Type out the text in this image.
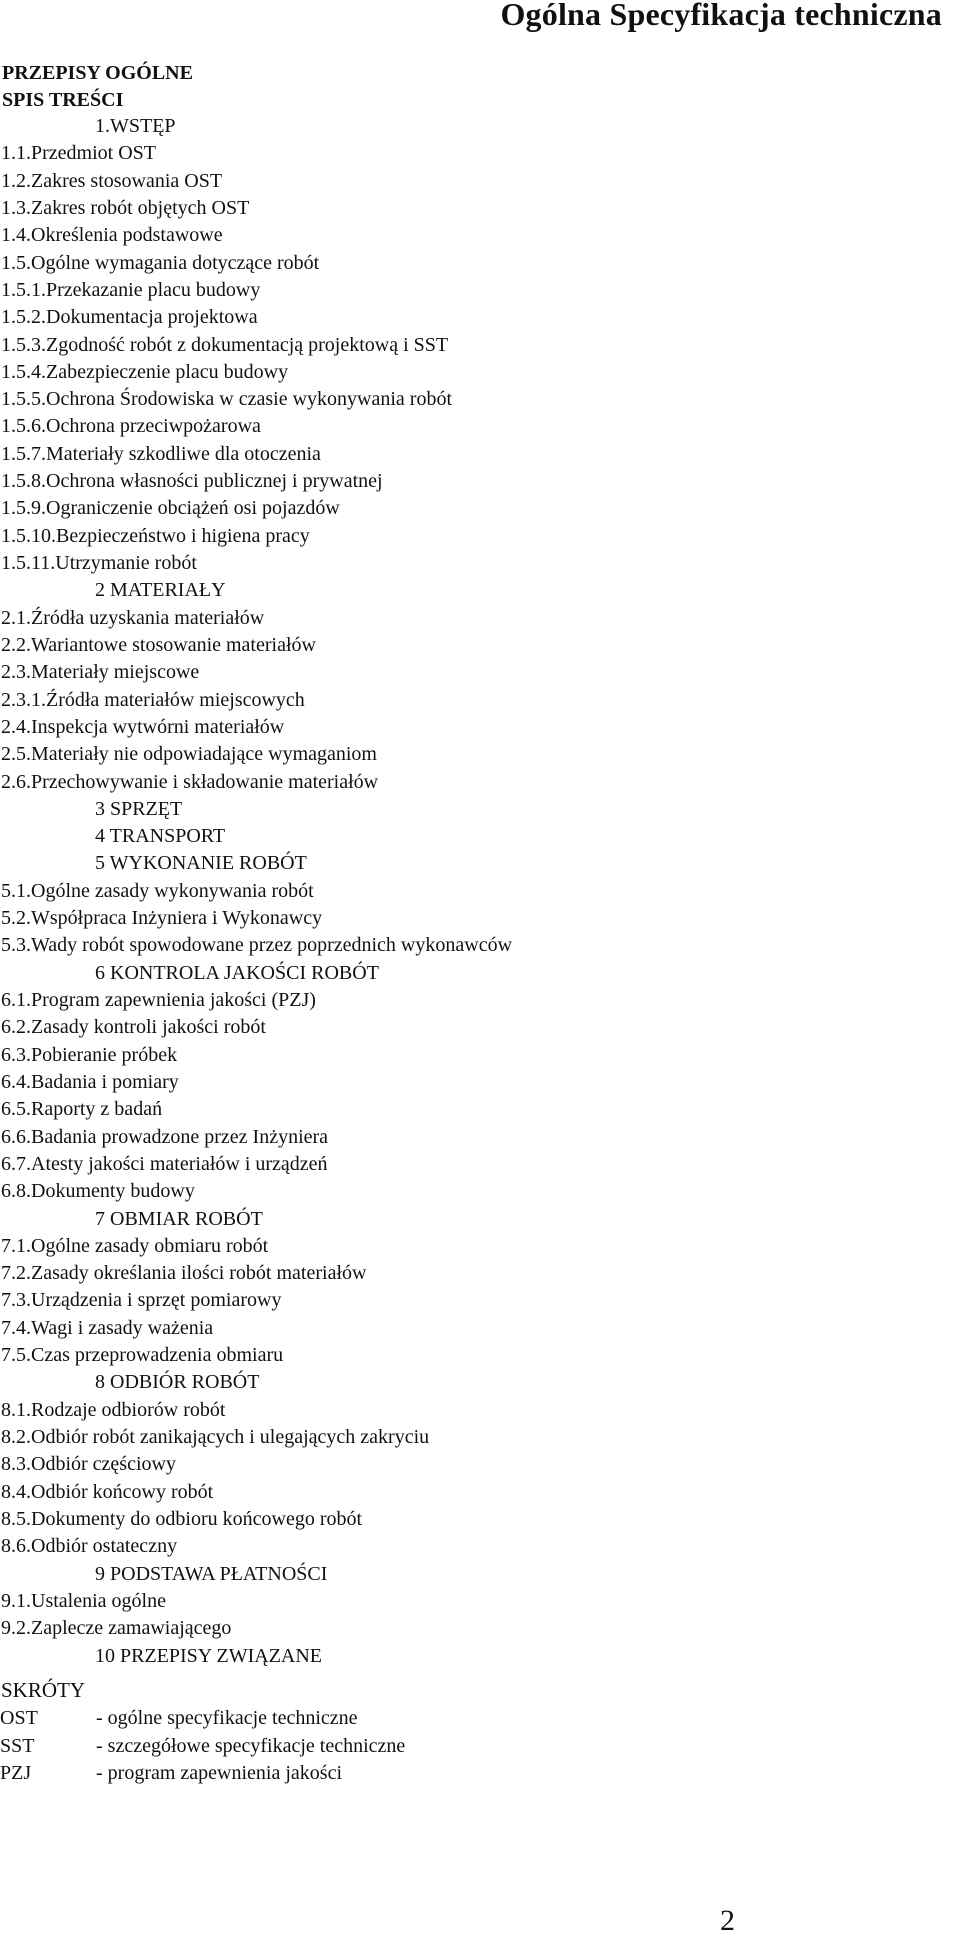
Ogólna Specyfikacja techniczna
PRZEPISY OGÓLNE
SPIS TREŚCI
1.WSTĘP
1.1.Przedmiot OST
1.2.Zakres stosowania OST
1.3.Zakres robót objętych OST
1.4.Określenia podstawowe
1.5.Ogólne wymagania dotyczące robót
1.5.1.Przekazanie placu budowy
1.5.2.Dokumentacja projektowa
1.5.3.Zgodność robót z dokumentacją projektową i SST
1.5.4.Zabezpieczenie placu budowy
1.5.5.Ochrona Środowiska w czasie wykonywania robót
1.5.6.Ochrona przeciwpożarowa
1.5.7.Materiały szkodliwe dla otoczenia
1.5.8.Ochrona własności publicznej i prywatnej
1.5.9.Ograniczenie obciążeń osi pojazdów
1.5.10.Bezpieczeństwo i higiena pracy
1.5.11.Utrzymanie robót
2 MATERIAŁY
2.1.Źródła uzyskania materiałów
2.2.Wariantowe stosowanie materiałów
2.3.Materiały miejscowe
2.3.1.Źródła materiałów miejscowych
2.4.Inspekcja wytwórni materiałów
2.5.Materiały nie odpowiadające wymaganiom
2.6.Przechowywanie i składowanie materiałów
3 SPRZĘT
4 TRANSPORT
5 WYKONANIE ROBÓT
5.1.Ogólne zasady wykonywania robót
5.2.Współpraca Inżyniera i Wykonawcy
5.3.Wady robót spowodowane przez poprzednich wykonawców
6 KONTROLA JAKOŚCI ROBÓT
6.1.Program zapewnienia jakości (PZJ)
6.2.Zasady kontroli jakości robót
6.3.Pobieranie próbek
6.4.Badania i pomiary
6.5.Raporty z badań
6.6.Badania prowadzone przez Inżyniera
6.7.Atesty jakości materiałów i urządzeń
6.8.Dokumenty budowy
7 OBMIAR ROBÓT
7.1.Ogólne zasady obmiaru robót
7.2.Zasady określania ilości robót materiałów
7.3.Urządzenia i sprzęt pomiarowy
7.4.Wagi i zasady ważenia
7.5.Czas przeprowadzenia obmiaru
8 ODBIÓR ROBÓT
8.1.Rodzaje odbiorów robót
8.2.Odbiór robót zanikających i ulegających zakryciu
8.3.Odbiór częściowy
8.4.Odbiór końcowy robót
8.5.Dokumenty do odbioru końcowego robót
8.6.Odbiór ostateczny
9 PODSTAWA PŁATNOŚCI
9.1.Ustalenia ogólne
9.2.Zaplecze zamawiającego
10 PRZEPISY ZWIĄZANE
SKRÓTY
OST	- ogólne specyfikacje techniczne
SST	- szczegółowe specyfikacje techniczne
PZJ	- program zapewnienia jakości
2
